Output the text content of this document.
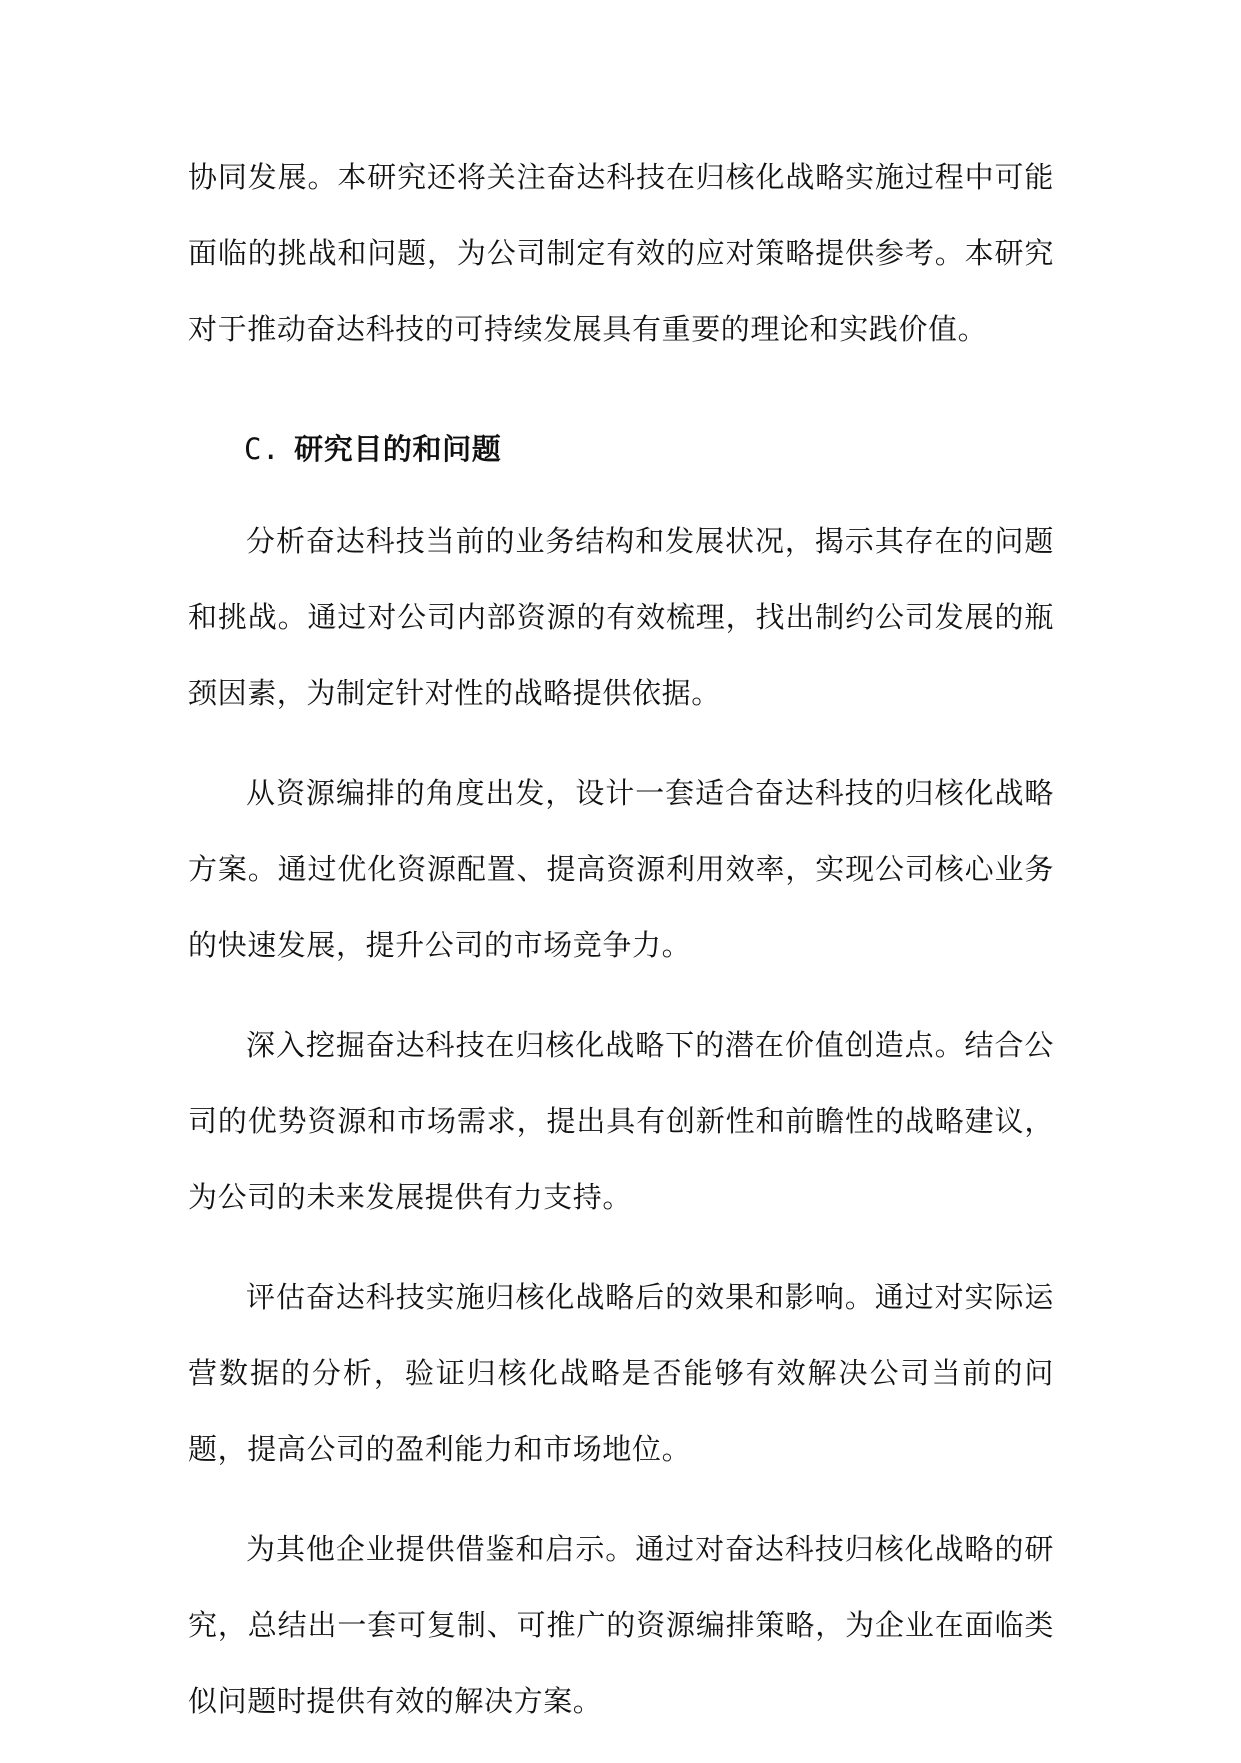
协同发展。本研究还将关注奋达科技在归核化战略实施过程中可能面临的挑战和问题，为公司制定有效的应对策略提供参考。本研究对于推动奋达科技的可持续发展具有重要的理论和实践价值。

C. 研究目的和问题

分析奋达科技当前的业务结构和发展状况，揭示其存在的问题和挑战。通过对公司内部资源的有效梳理，找出制约公司发展的瓶颈因素，为制定针对性的战略提供依据。

从资源编排的角度出发，设计一套适合奋达科技的归核化战略方案。通过优化资源配置、提高资源利用效率，实现公司核心业务的快速发展，提升公司的市场竞争力。

深入挖掘奋达科技在归核化战略下的潜在价值创造点。结合公司的优势资源和市场需求，提出具有创新性和前瞻性的战略建议，为公司的未来发展提供有力支持。

评估奋达科技实施归核化战略后的效果和影响。通过对实际运营数据的分析，验证归核化战略是否能够有效解决公司当前的问题，提高公司的盈利能力和市场地位。

为其他企业提供借鉴和启示。通过对奋达科技归核化战略的研究，总结出一套可复制、可推广的资源编排策略，为企业在面临类似问题时提供有效的解决方案。
